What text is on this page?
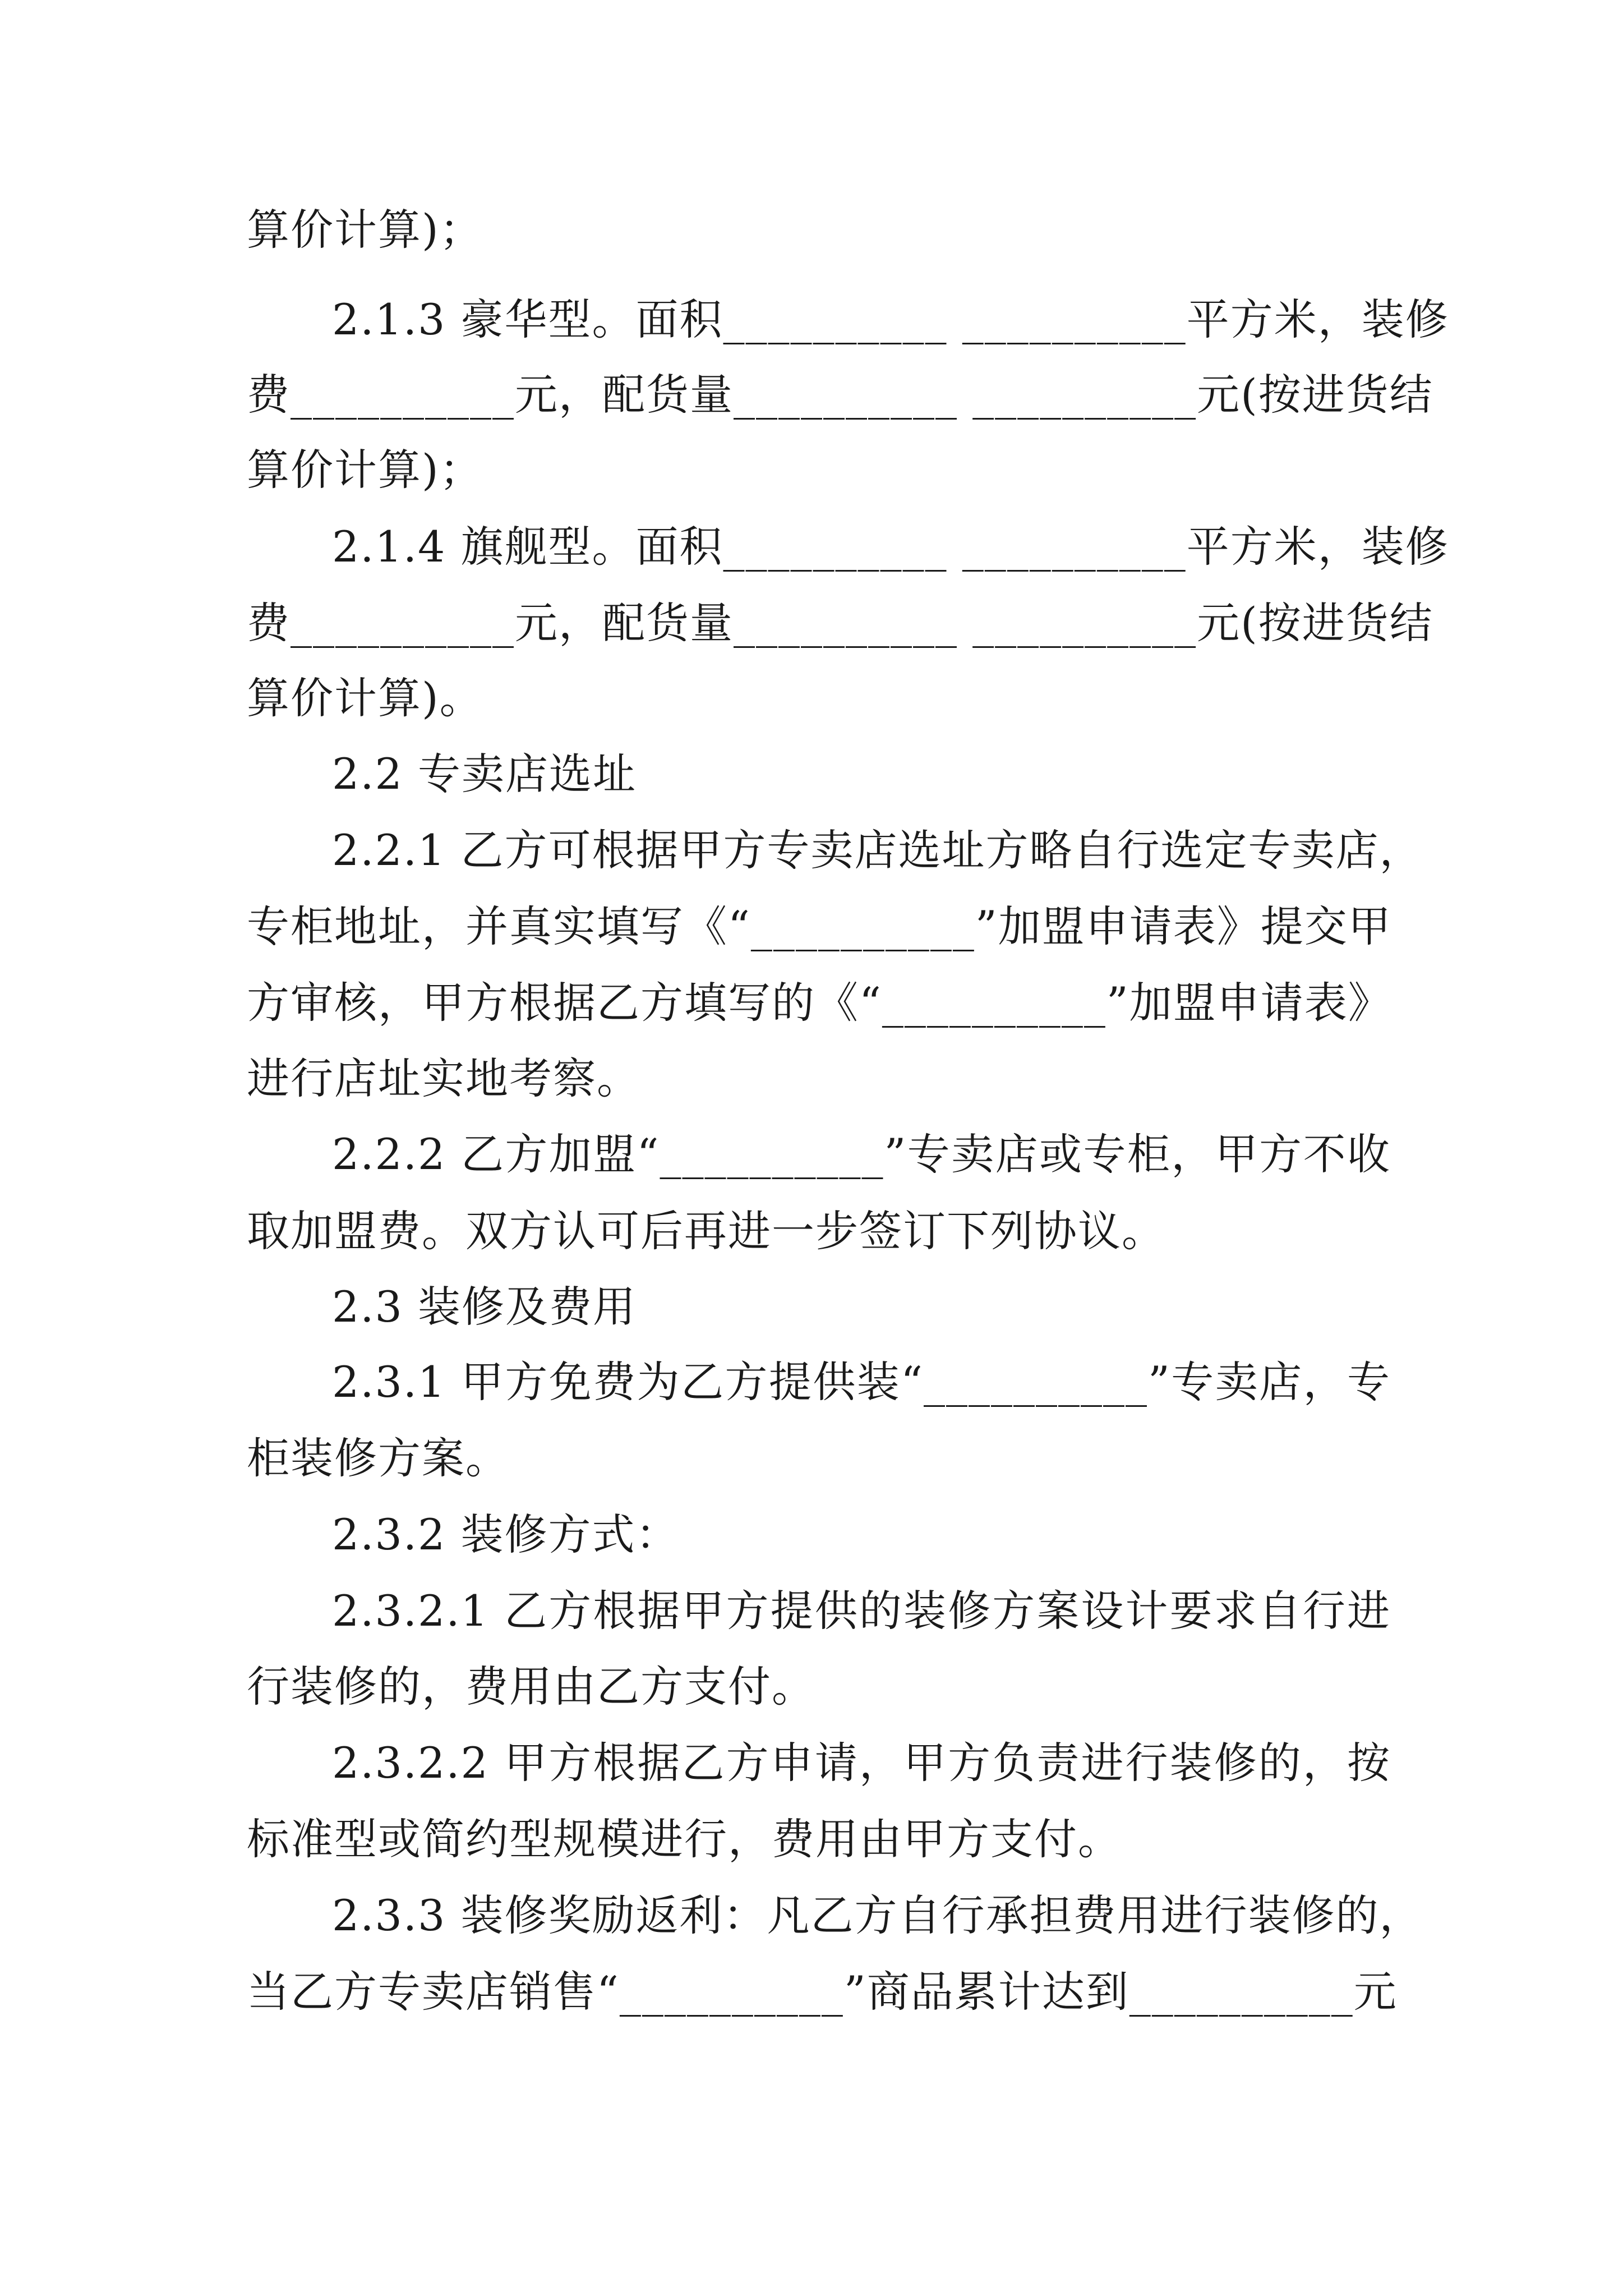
算价计算)；
2.1.3 豪华型。面积__________ __________平方米，装修
费__________元，配货量__________ __________元(按进货结
算价计算)；
2.1.4 旗舰型。面积__________ __________平方米，装修
费__________元，配货量__________ __________元(按进货结
算价计算)。
2.2 专卖店选址
2.2.1 乙方可根据甲方专卖店选址方略自行选定专卖店，
专柜地址，并真实填写《“__________”加盟申请表》提交甲
方审核，甲方根据乙方填写的《“__________”加盟申请表》
进行店址实地考察。
2.2.2 乙方加盟“__________”专卖店或专柜，甲方不收
取加盟费。双方认可后再进一步签订下列协议。
2.3 装修及费用
2.3.1 甲方免费为乙方提供装“__________”专卖店，专
柜装修方案。
2.3.2 装修方式：
2.3.2.1 乙方根据甲方提供的装修方案设计要求自行进
行装修的，费用由乙方支付。
2.3.2.2 甲方根据乙方申请，甲方负责进行装修的，按
标准型或简约型规模进行，费用由甲方支付。
2.3.3 装修奖励返利：凡乙方自行承担费用进行装修的，
当乙方专卖店销售“__________”商品累计达到__________元
